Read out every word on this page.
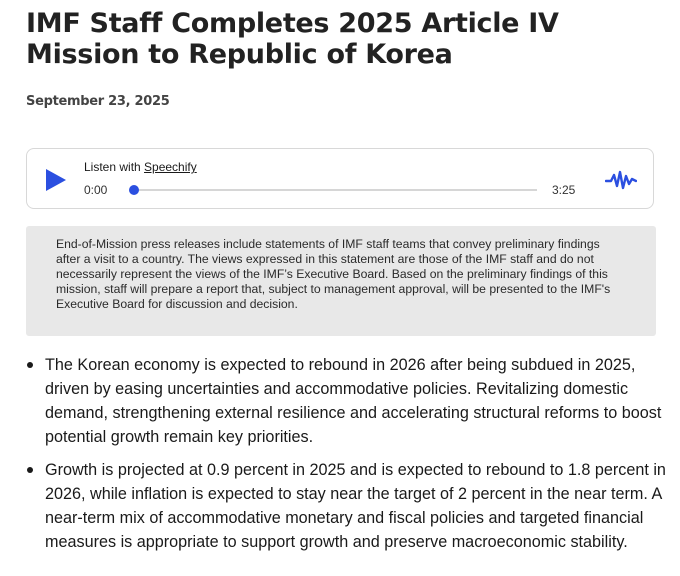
IMF Staff Completes 2025 Article IV Mission to Republic of Korea
September 23, 2025
Listen with Speechify
0:00	3:25
End-of-Mission press releases include statements of IMF staff teams that convey preliminary findings after a visit to a country. The views expressed in this statement are those of the IMF staff and do not necessarily represent the views of the IMF’s Executive Board. Based on the preliminary findings of this mission, staff will prepare a report that, subject to management approval, will be presented to the IMF's Executive Board for discussion and decision.
The Korean economy is expected to rebound in 2026 after being subdued in 2025, driven by easing uncertainties and accommodative policies. Revitalizing domestic demand, strengthening external resilience and accelerating structural reforms to boost potential growth remain key priorities.
Growth is projected at 0.9 percent in 2025 and is expected to rebound to 1.8 percent in 2026, while inflation is expected to stay near the target of 2 percent in the near term. A near-term mix of accommodative monetary and fiscal policies and targeted financial measures is appropriate to support growth and preserve macroeconomic stability.
